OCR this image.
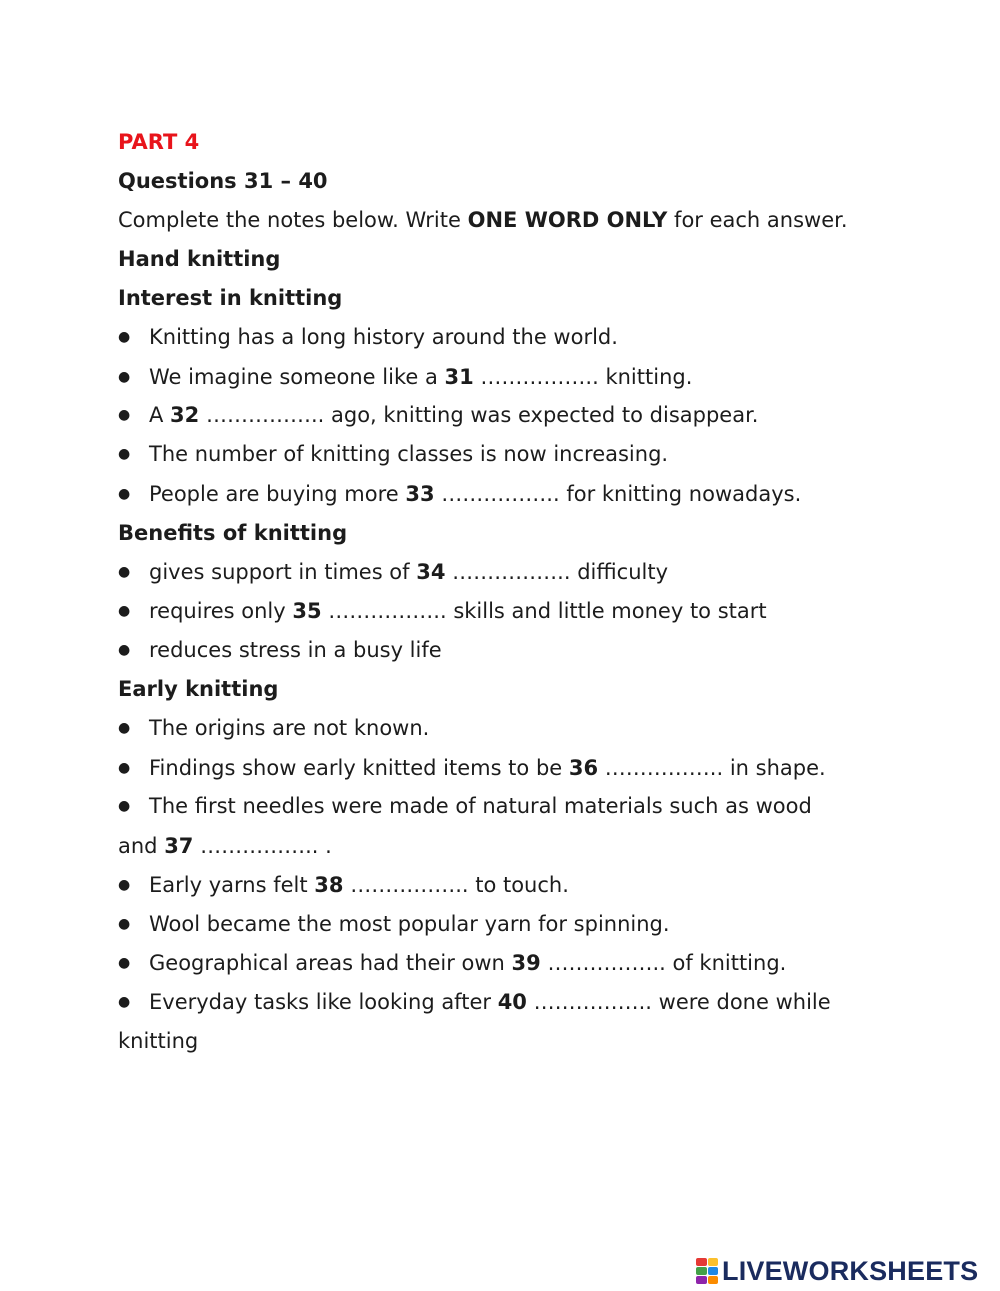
PART 4
Questions 31 – 40
Complete the notes below. Write ONE WORD ONLY for each answer.
Hand knitting
Interest in knitting
● Knitting has a long history around the world.
● We imagine someone like a 31 …………….. knitting.
● A 32 …………….. ago, knitting was expected to disappear.
● The number of knitting classes is now increasing.
● People are buying more 33 …………….. for knitting nowadays.
Benefits of knitting
● gives support in times of 34 …………….. difficulty
● requires only 35 …………….. skills and little money to start
● reduces stress in a busy life
Early knitting
● The origins are not known.
● Findings show early knitted items to be 36 …………….. in shape.
● The first needles were made of natural materials such as wood
and 37 …………….. .
● Early yarns felt 38 …………….. to touch.
● Wool became the most popular yarn for spinning.
● Geographical areas had their own 39 …………….. of knitting.
● Everyday tasks like looking after 40 …………….. were done while
knitting
LIVEWORKSHEETS
